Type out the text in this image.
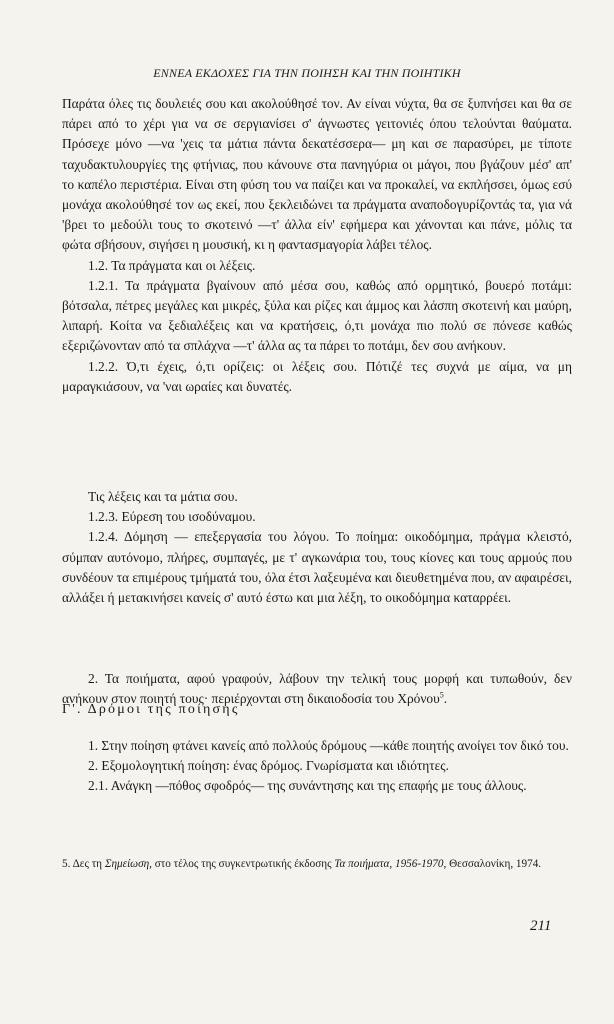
ΕΝΝΕΑ ΕΚΔΟΧΕΣ ΓΙΑ ΤΗΝ ΠΟΙΗΣΗ ΚΑΙ ΤΗΝ ΠΟΙΗΤΙΚΗ

Παράτα όλες τις δουλειές σου και ακολούθησέ τον. Αν είναι νύχτα, θα σε ξυπνήσει και θα σε πάρει από το χέρι για να σε σεργιανίσει σ' άγνωστες γειτονιές όπου τελούνται θαύματα. Πρόσεχε μόνο —να 'χεις τα μάτια πάντα δεκατέσσερα— μη και σε παρασύρει, με τίποτε ταχυδακτυλουργίες της φτήνιας, που κάνουνε στα πανηγύρια οι μάγοι, που βγάζουν μέσ' απ' το καπέλο περιστέρια. Είναι στη φύση του να παίζει και να προκαλεί, να εκπλήσσει, όμως εσύ μονάχα ακολούθησέ τον ως εκεί, που ξεκλειδώνει τα πράγματα αναποδογυρίζοντάς τα, για νά 'βρει το μεδούλι τους το σκοτεινό —τ' άλλα είν' εφήμερα και χάνονται και πάνε, μόλις τα φώτα σβήσουν, σιγήσει η μουσική, κι η φαντασμαγορία λάβει τέλος.

1.2. Τα πράγματα και οι λέξεις.

1.2.1. Τα πράγματα βγαίνουν από μέσα σου, καθώς από ορμητικό, βουερό ποτάμι: βότσαλα, πέτρες μεγάλες και μικρές, ξύλα και ρίζες και άμμος και λάσπη σκοτεινή και μαύρη, λιπαρή. Κοίτα να ξεδιαλέξεις και να κρατήσεις, ό,τι μονάχα πιο πολύ σε πόνεσε καθώς εξεριζώνονταν από τα σπλάχνα —τ' άλλα ας τα πάρει το ποτάμι, δεν σου ανήκουν.

1.2.2. Ό,τι έχεις, ό,τι ορίζεις: οι λέξεις σου. Πότιζέ τες συχνά με αίμα, να μη μαραγκιάσουν, να 'ναι ωραίες και δυνατές.

Τις λέξεις και τα μάτια σου.

1.2.3. Εύρεση του ισοδύναμου.

1.2.4. Δόμηση — επεξεργασία του λόγου. Το ποίημα: οικοδόμημα, πράγμα κλειστό, σύμπαν αυτόνομο, πλήρες, συμπαγές, με τ' αγκωνάρια του, τους κίονες και τους αρμούς που συνδέουν τα επιμέρους τμήματά του, όλα έτσι λαξευμένα και διευθετημένα που, αν αφαιρέσει, αλλάξει ή μετακινήσει κανείς σ' αυτό έστω και μια λέξη, το οικοδόμημα καταρρέει.

2. Τα ποιήματα, αφού γραφούν, λάβουν την τελική τους μορφή και τυπωθούν, δεν ανήκουν στον ποιητή τους· περιέρχονται στη δικαιοδοσία του Χρόνου$^5$.

Γ'. Δρόμοι της ποίησης

1. Στην ποίηση φτάνει κανείς από πολλούς δρόμους —κάθε ποιητής ανοίγει τον δικό του.

2. Εξομολογητική ποίηση: ένας δρόμος. Γνωρίσματα και ιδιότητες.

2.1. Ανάγκη —πόθος σφοδρός— της συνάντησης και της επαφής με τους άλλους.

5. Δες τη Σημείωση, στο τέλος της συγκεντρωτικής έκδοσης Τα ποιήματα, 1956-1970, Θεσσαλονίκη, 1974.
211
